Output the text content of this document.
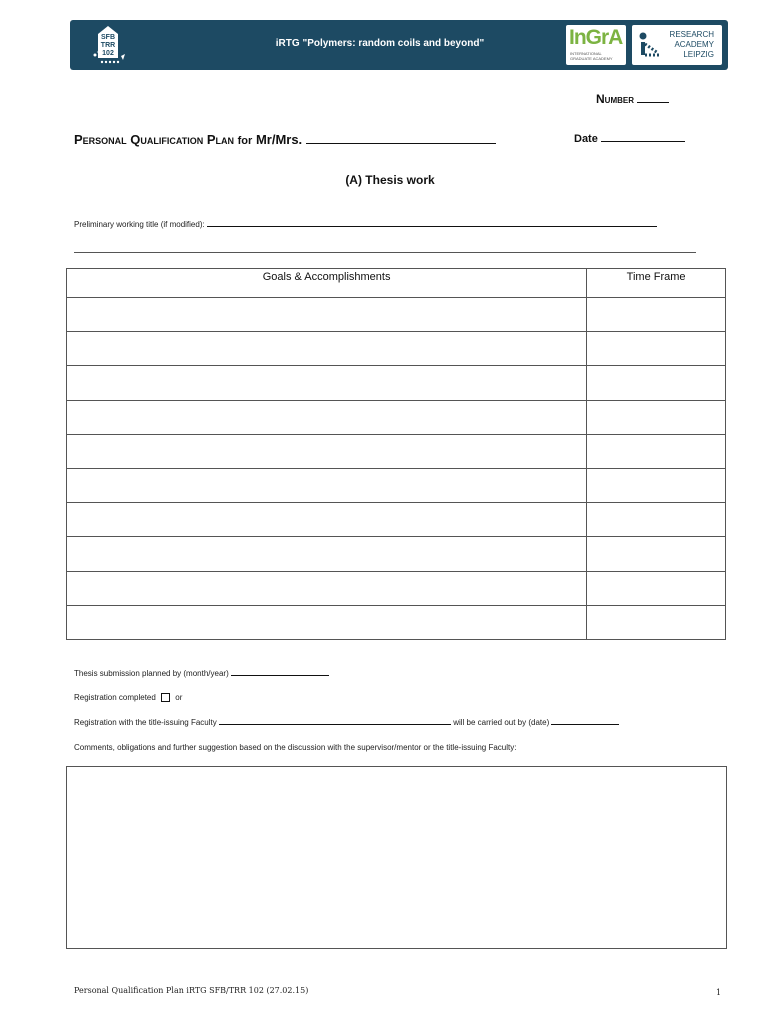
SFB
TRR
102
iRTG "Polymers: random coils and beyond"	InGrA
INTERNATIONAL
GRADUATE ACADEMY
RESEARCH
ACADEMY
LEIPZIG
Number
Personal Qualification Plan for Mr/Mrs.	Date
(A) Thesis work
Preliminary working title (if modified):
Goals & Accomplishments	Time Frame

Thesis submission planned by (month/year)
Registration completed or
Registration with the title-issuing Faculty	will be carried out by (date)
Comments, obligations and further suggestion based on the discussion with the supervisor/mentor or the title-issuing Faculty:
Personal Qualification Plan iRTG SFB/TRR 102 (27.02.15)	1
